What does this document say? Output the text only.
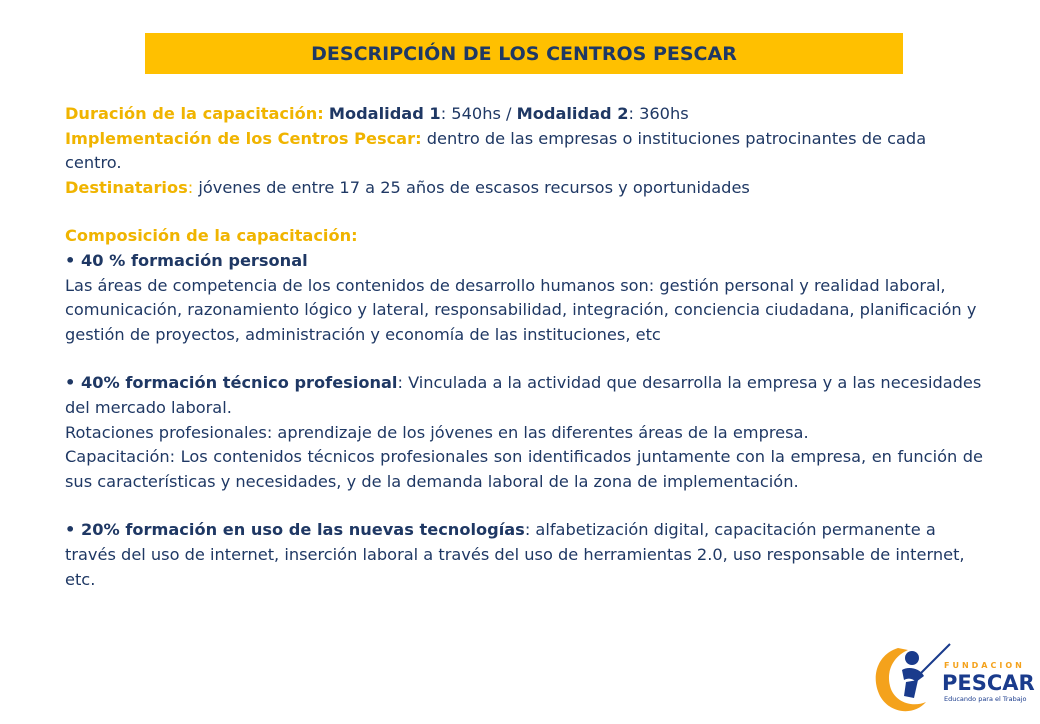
DESCRIPCIÓN DE LOS CENTROS PESCAR

Duración de la capacitación: Modalidad 1: 540hs / Modalidad 2: 360hs

Implementación de los Centros Pescar: dentro de las empresas o instituciones patrocinantes de cada centro.

Destinatarios: jóvenes de entre 17 a 25 años de escasos recursos y oportunidades

Composición de la capacitación:

• 40 % formación personal

Las áreas de competencia de los contenidos de desarrollo humanos son: gestión personal y realidad laboral, comunicación, razonamiento lógico y lateral, responsabilidad, integración, conciencia ciudadana, planificación y gestión de proyectos, administración y economía de las instituciones, etc

• 40% formación técnico profesional: Vinculada a la actividad que desarrolla la empresa y a las necesidades del mercado laboral.

Rotaciones profesionales: aprendizaje de los jóvenes en las diferentes áreas de la empresa.

Capacitación: Los contenidos técnicos profesionales son identificados juntamente con la empresa, en función de sus características y necesidades, y de la demanda laboral de la zona de implementación.

• 20% formación en uso de las nuevas tecnologías: alfabetización digital, capacitación permanente a través del uso de internet, inserción laboral a través del uso de herramientas 2.0, uso responsable de internet, etc.

FUNDACION
PESCAR
Educando para el Trabajo
